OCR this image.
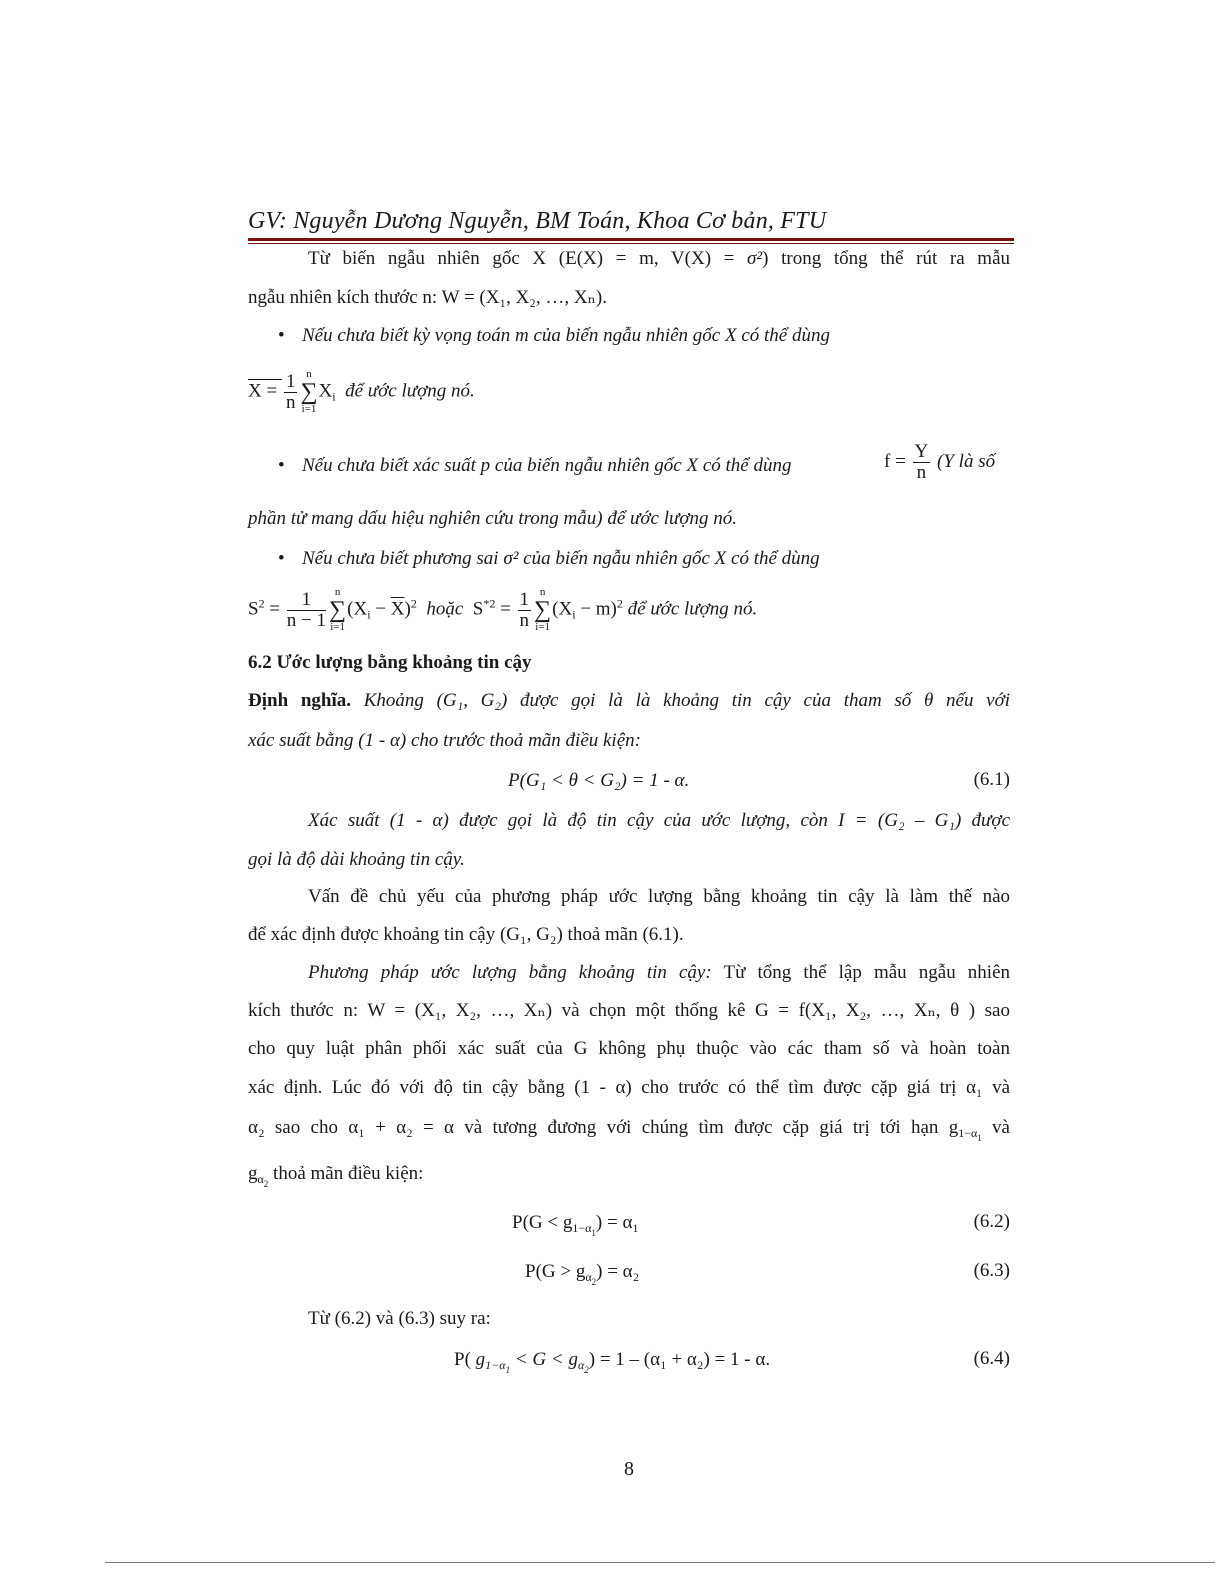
GV: Nguyễn Dương Nguyễn, BM Toán, Khoa Cơ bản, FTU
Từ biến ngẫu nhiên gốc X (E(X) = m, V(X) = σ²) trong tổng thể rút ra mẫu
ngẫu nhiên kích thước n: W = (X₁, X₂, …, Xₙ).
• Nếu chưa biết kỳ vọng toán m của biến ngẫu nhiên gốc X có thể dùng
$X = \frac{1}{n}$ n
∑
i=1
$X_i$ để ước lượng nó.
• Nếu chưa biết xác suất p của biến ngẫu nhiên gốc X có thể dùng	$f = \frac{Y}{n} (Y$ là số
phần tử mang dấu hiệu nghiên cứu trong mẫu) để ước lượng nó.
• Nếu chưa biết phương sai σ² của biến ngẫu nhiên gốc X có thể dùng
$S^2 = \frac{1}{n - 1}$ n
∑
i=1
$(X_i - \overline{X})^2$ hoặc  $S^{*2} = \frac{1}{n}$ n
∑
i=1
$(X_i - m)^2$ để ước lượng nó.
6.2 Ước lượng bằng khoảng tin cậy
Định nghĩa. Khoảng (G₁, G₂) được gọi là là khoảng tin cậy của tham số θ nếu với
xác suất bằng (1 - α) cho trước thoả mãn điều kiện:
P(G₁ < θ < G₂) = 1 - α.	(6.1)
Xác suất (1 - α) được gọi là độ tin cậy của ước lượng, còn I = (G₂ – G₁) được
gọi là độ dài khoảng tin cậy.
Vấn đề chủ yếu của phương pháp ước lượng bằng khoảng tin cậy là làm thế nào
để xác định được khoảng tin cậy (G₁, G₂) thoả mãn (6.1).
Phương pháp ước lượng bằng khoảng tin cậy: Từ tổng thể lập mẫu ngẫu nhiên
kích thước n: W = (X₁, X₂, …, Xₙ) và chọn một thống kê G = f(X₁, X₂, …, Xₙ, θ ) sao
cho quy luật phân phối xác suất của G không phụ thuộc vào các tham số và hoàn toàn
xác định. Lúc đó với độ tin cậy bằng (1 - α) cho trước có thể tìm được cặp giá trị α₁ và
α₂ sao cho α₁ + α₂ = α và tương đương với chúng tìm được cặp giá trị tới hạn $g_{1-\alpha_1}$ và
$g_{\alpha_2}$ thoả mãn điều kiện:
$P(G < g_{1-\alpha_1}) = \alpha_1$	(6.2)
$P(G > g_{\alpha_2}) = \alpha_2$	(6.3)
Từ (6.2) và (6.3) suy ra:
P( $g_{1-\alpha_1} < G < g_{\alpha_2}) = 1 - (\alpha_1 + \alpha_2) = 1 - \alpha$.	(6.4)
8
